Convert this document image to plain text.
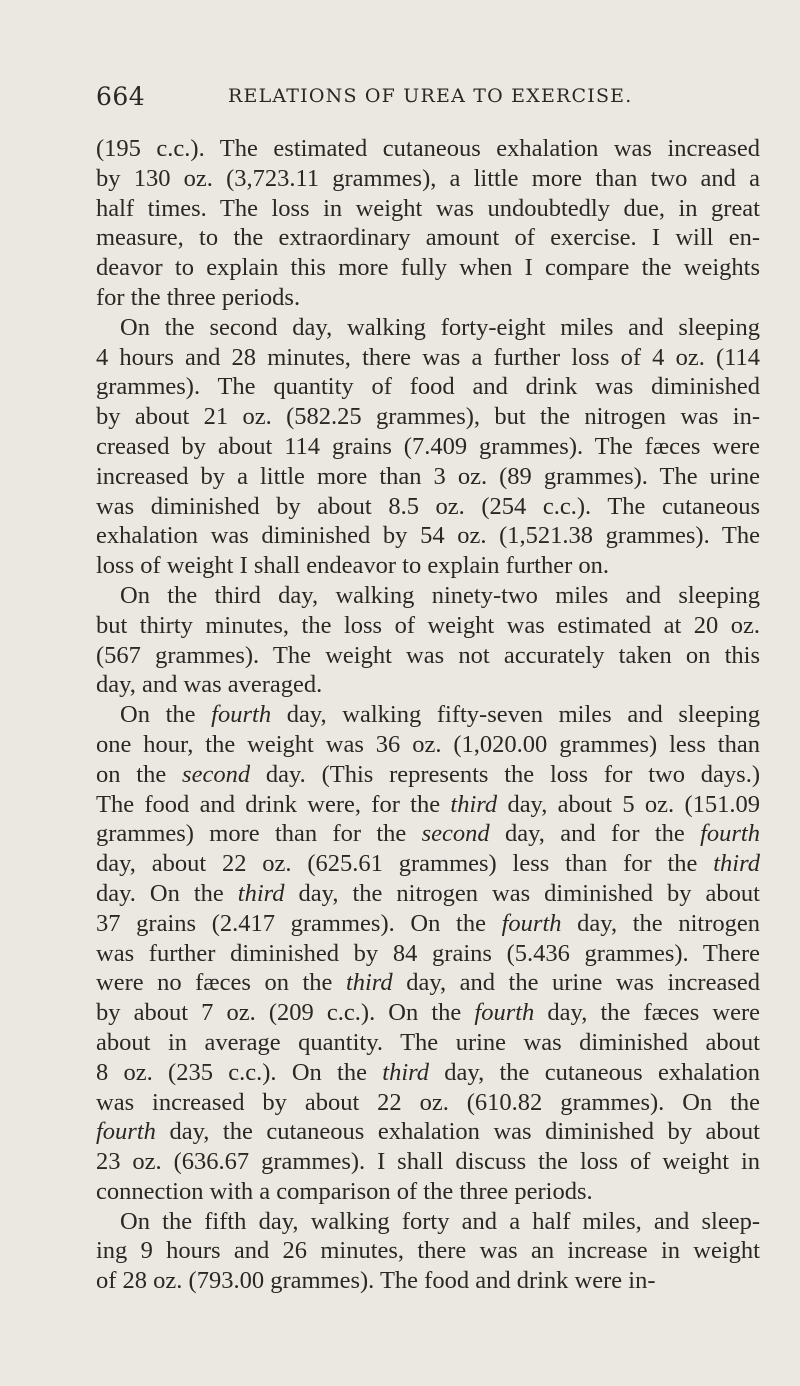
664	RELATIONS OF UREA TO EXERCISE.

(195 c.c.). The estimated cutaneous exhalation was increased
by 130 oz. (3,723.11 grammes), a little more than two and a
half times. The loss in weight was undoubtedly due, in great
measure, to the extraordinary amount of exercise. I will en-
deavor to explain this more fully when I compare the weights
for the three periods.

On the second day, walking forty-eight miles and sleeping
4 hours and 28 minutes, there was a further loss of 4 oz. (114
grammes). The quantity of food and drink was diminished
by about 21 oz. (582.25 grammes), but the nitrogen was in-
creased by about 114 grains (7.409 grammes). The fæces were
increased by a little more than 3 oz. (89 grammes). The urine
was diminished by about 8.5 oz. (254 c.c.). The cutaneous
exhalation was diminished by 54 oz. (1,521.38 grammes). The
loss of weight I shall endeavor to explain further on.

On the third day, walking ninety-two miles and sleeping
but thirty minutes, the loss of weight was estimated at 20 oz.
(567 grammes). The weight was not accurately taken on this
day, and was averaged.

On the fourth day, walking fifty-seven miles and sleeping
one hour, the weight was 36 oz. (1,020.00 grammes) less than
on the second day. (This represents the loss for two days.)
The food and drink were, for the third day, about 5 oz. (151.09
grammes) more than for the second day, and for the fourth
day, about 22 oz. (625.61 grammes) less than for the third
day. On the third day, the nitrogen was diminished by about
37 grains (2.417 grammes). On the fourth day, the nitrogen
was further diminished by 84 grains (5.436 grammes). There
were no fæces on the third day, and the urine was increased
by about 7 oz. (209 c.c.). On the fourth day, the fæces were
about in average quantity. The urine was diminished about
8 oz. (235 c.c.). On the third day, the cutaneous exhalation
was increased by about 22 oz. (610.82 grammes). On the
fourth day, the cutaneous exhalation was diminished by about
23 oz. (636.67 grammes). I shall discuss the loss of weight in
connection with a comparison of the three periods.

On the fifth day, walking forty and a half miles, and sleep-
ing 9 hours and 26 minutes, there was an increase in weight
of 28 oz. (793.00 grammes). The food and drink were in-
